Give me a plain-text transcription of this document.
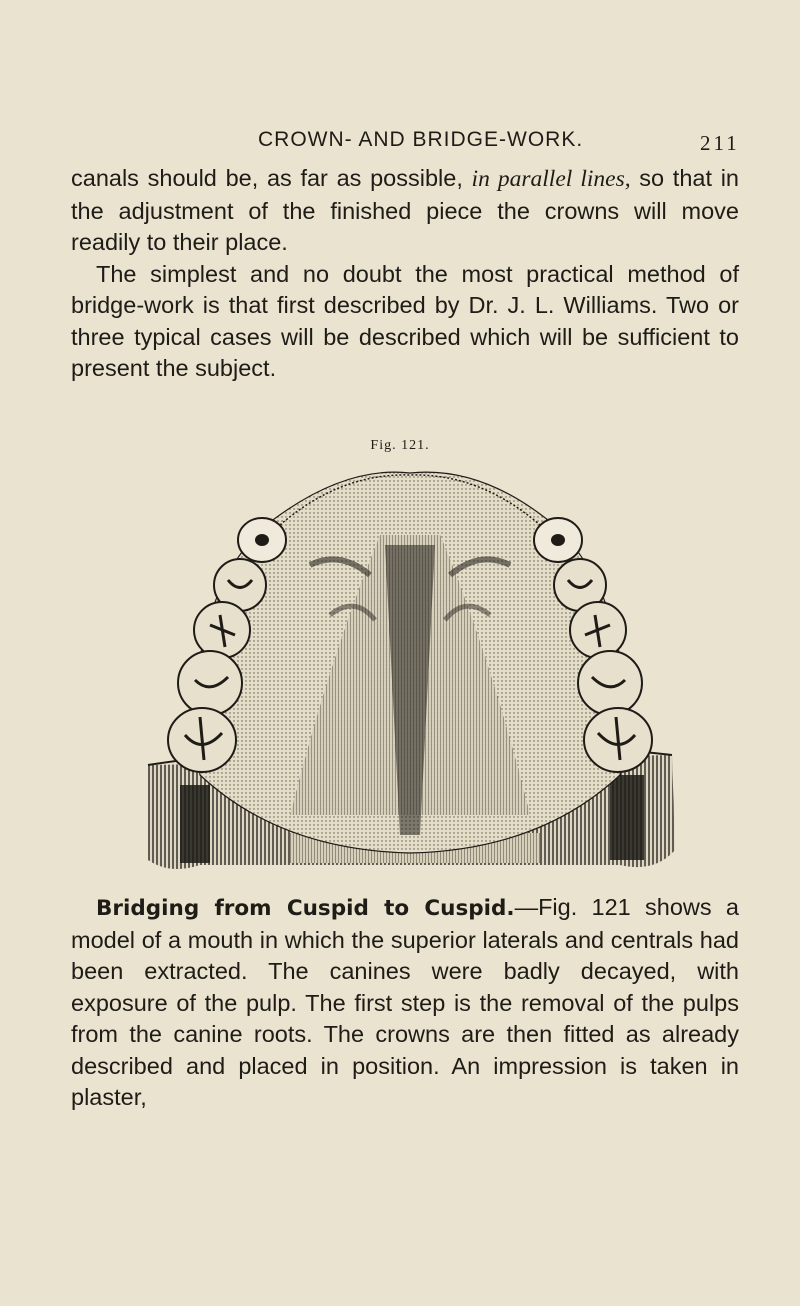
CROWN- AND BRIDGE-WORK.	211

canals should be, as far as possible, in parallel lines, so that in the adjustment of the finished piece the crowns will move readily to their place.

The simplest and no doubt the most practical method of bridge-work is that first described by Dr. J. L. Williams. Two or three typical cases will be described which will be sufficient to present the subject.

Fig. 121.

Bridging from Cuspid to Cuspid.—Fig. 121 shows a model of a mouth in which the superior laterals and centrals had been extracted. The canines were badly decayed, with exposure of the pulp. The first step is the removal of the pulps from the canine roots. The crowns are then fitted as already described and placed in position. An impression is taken in plaster,
